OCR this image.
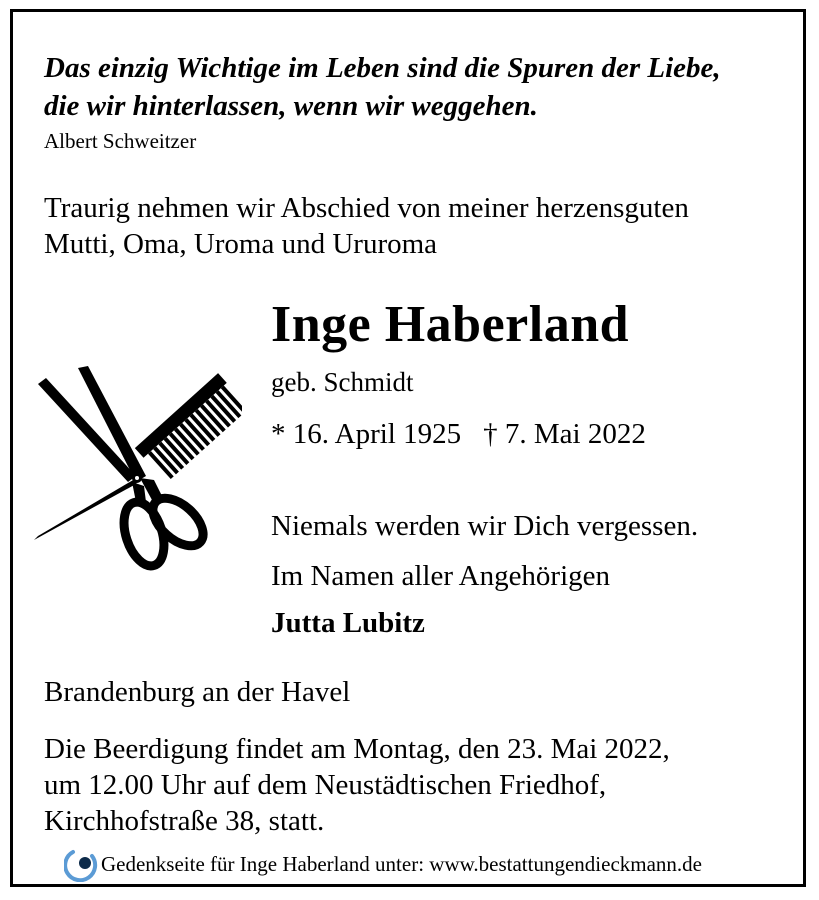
Das einzig Wichtige im Leben sind die Spuren der Liebe,
die wir hinterlassen, wenn wir weggehen.
Albert Schweitzer
Traurig nehmen wir Abschied von meiner herzensguten
Mutti, Oma, Uroma und Ururoma
Inge Haberland
geb. Schmidt
* 16. April 1925 † 7. Mai 2022
Niemals werden wir Dich vergessen.
Im Namen aller Angehörigen
Jutta Lubitz
Brandenburg an der Havel
Die Beerdigung findet am Montag, den 23. Mai 2022,
um 12.00 Uhr auf dem Neustädtischen Friedhof,
Kirchhofstraße 38, statt.
Gedenkseite für Inge Haberland unter: www.bestattungendieckmann.de
